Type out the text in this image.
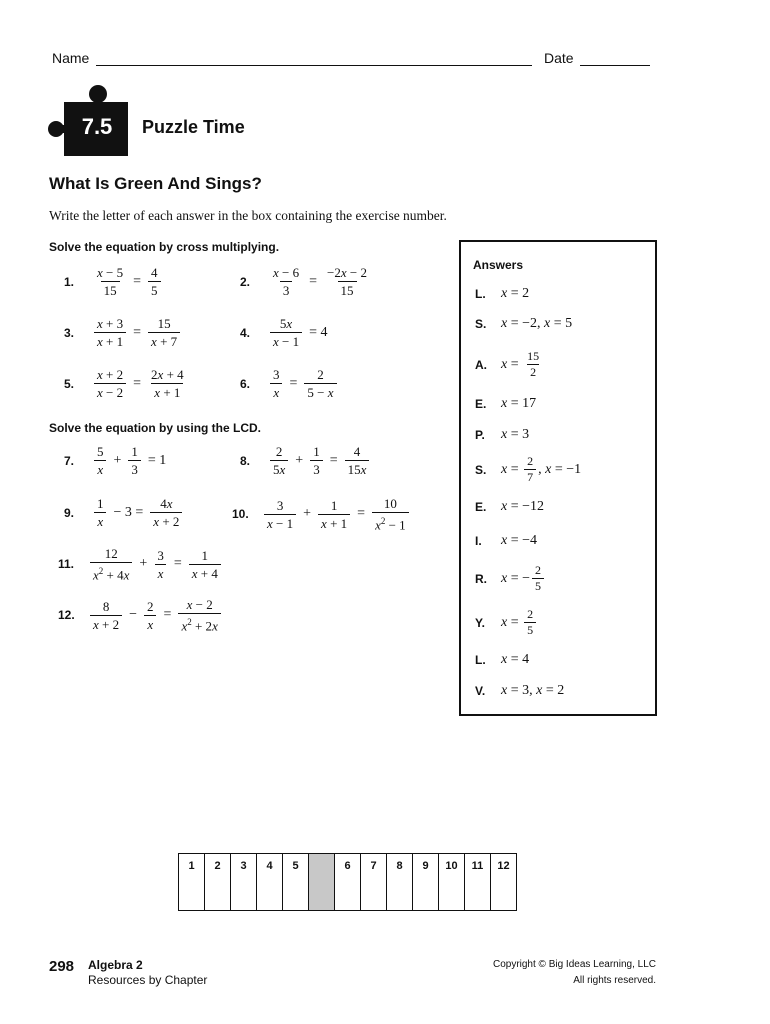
Name	Date
7.5	Puzzle Time
What Is Green And Sings?
Write the letter of each answer in the box containing the exercise number.
Solve the equation by cross multiplying.
1.	$\frac{x - 5}{15} = \frac{4}{5}$	2.	$\frac{x - 6}{3} = \frac{-2x - 2}{15}$
3.	$\frac{x + 3}{x + 1} = \frac{15}{x + 7}$	4.	$\frac{5x}{x - 1} = 4$
5.	$\frac{x + 2}{x - 2} = \frac{2x + 4}{x + 1}$	6.	$\frac{3}{x} = \frac{2}{5 - x}$
Solve the equation by using the LCD.
7.	$\frac{5}{x} + \frac{1}{3} = 1$	8.	$\frac{2}{5x} + \frac{1}{3} = \frac{4}{15x}$
9.	$\frac{1}{x} - 3 = \frac{4x}{x + 2}$	10.	$\frac{3}{x - 1} + \frac{1}{x + 1} = \frac{10}{x^2 - 1}$
11.	$\frac{12}{x^2 + 4x} + \frac{3}{x} = \frac{1}{x + 4}$
12.	$\frac{8}{x + 2} - \frac{2}{x} = \frac{x - 2}{x^2 + 2x}$
Answers
L.	x = 2
S.	x = −2, x = 5
A.	$x = \frac{15}{2}$
E.	x = 17
P.	x = 3
S.	$x = \frac{2}{7}$ , x = −1
E.	x = −12
I.	x = −4
R.	x = − $\frac{2}{5}$
Y.	$x = \frac{2}{5}$
L.	x = 4
V.	x = 3, x = 2
1	2	3	4	5		6	7	8	9	10	11	12
298 Algebra 2
Resources by Chapter
Copyright © Big Ideas Learning, LLC
All rights reserved.
